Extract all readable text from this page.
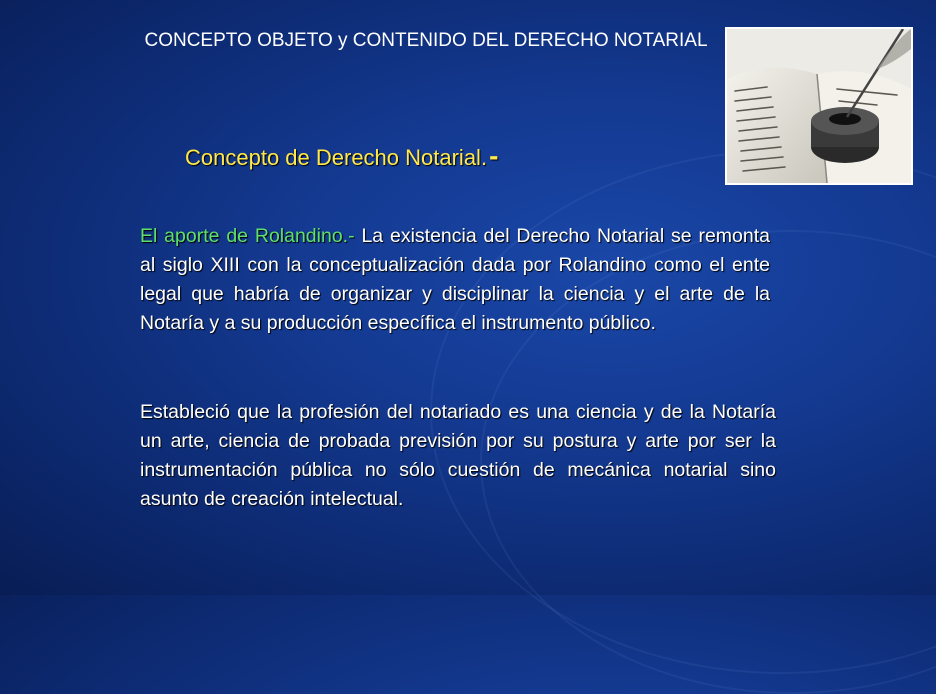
CONCEPTO OBJETO y CONTENIDO DEL DERECHO NOTARIAL
Concepto de Derecho Notarial.-
El aporte de Rolandino.- La existencia del Derecho Notarial se remonta al siglo XIII con la conceptualización dada por Rolandino como el ente legal que habría de organizar y disciplinar la ciencia y el arte de la Notaría y a su producción específica el instrumento público.
Estableció que la profesión del notariado es una ciencia y de la Notaría un arte, ciencia de probada previsión por su postura y arte por ser la instrumentación pública no sólo cuestión de mecánica notarial sino asunto de creación intelectual.
